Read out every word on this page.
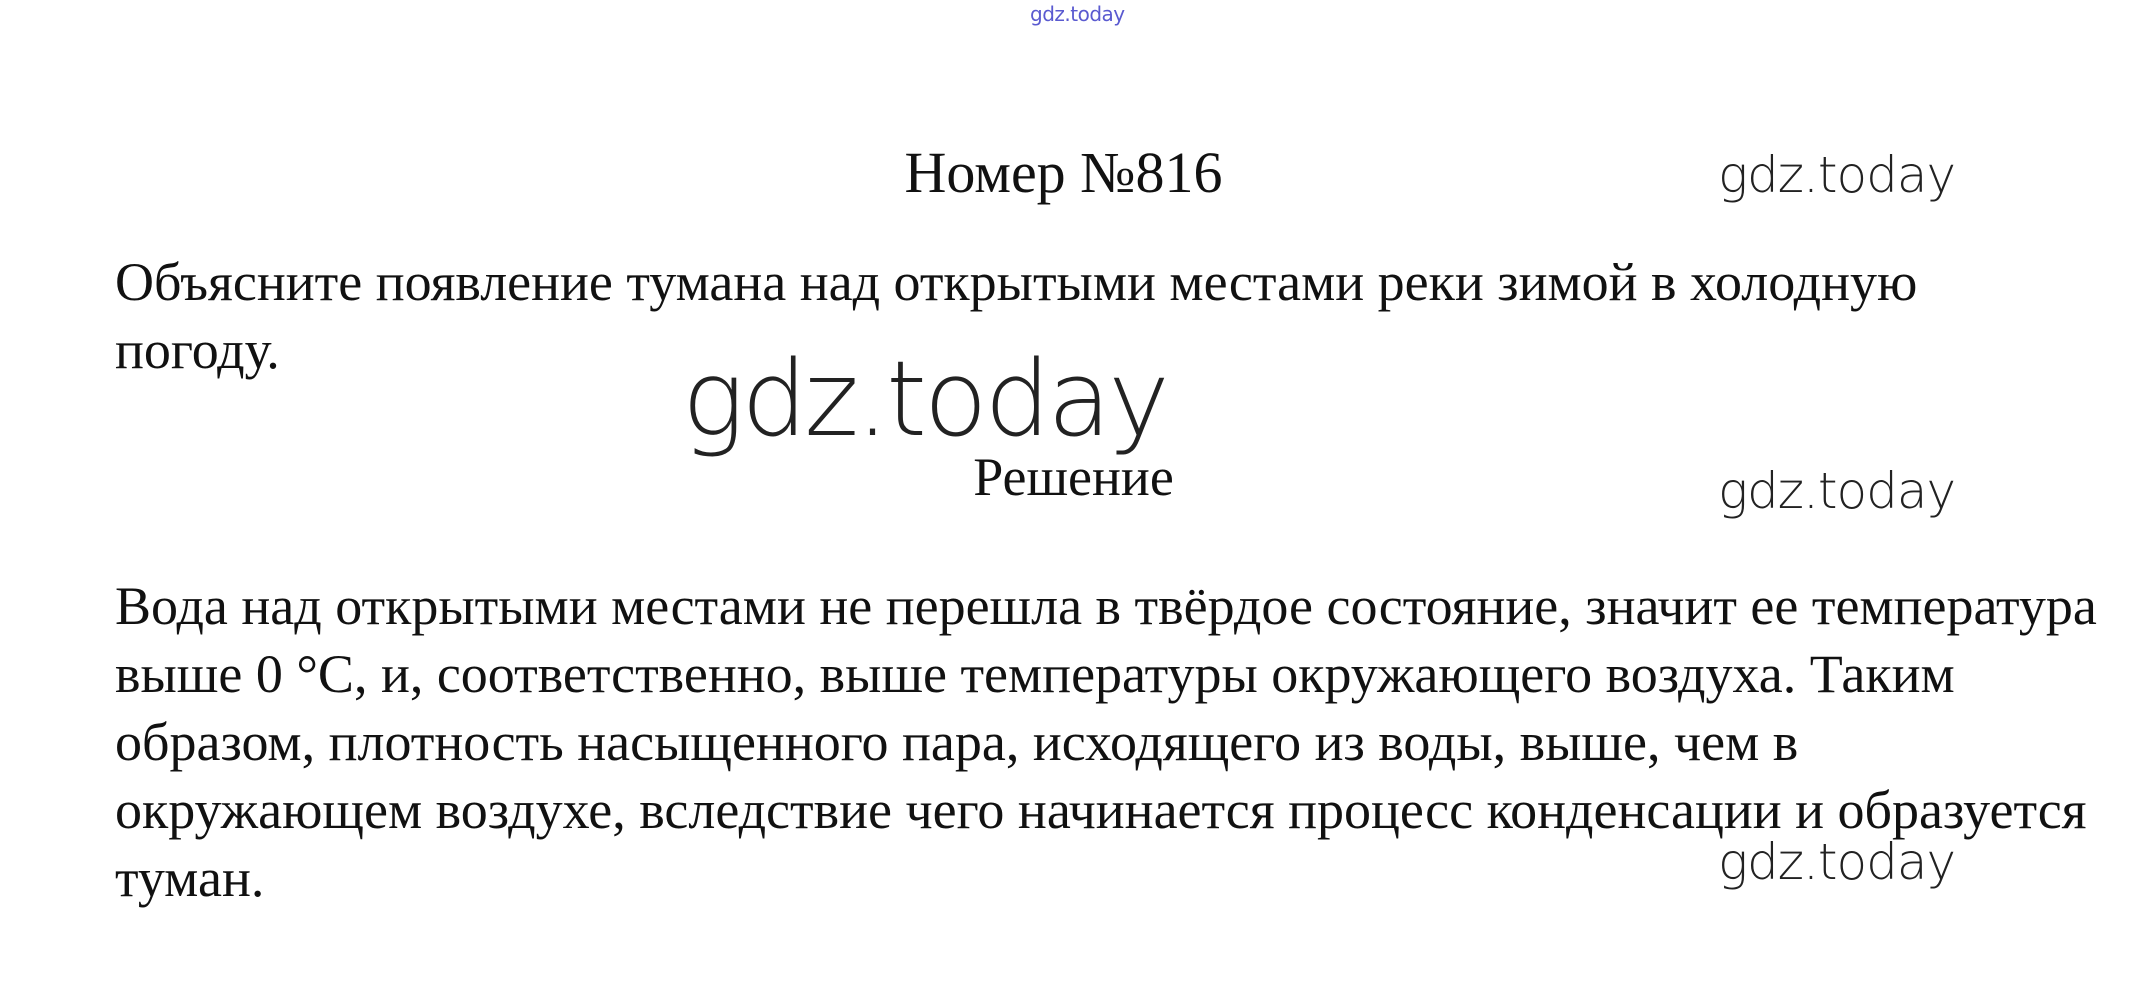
gdz.today
Номер №816

Объясните появление тумана над открытыми местами реки зимой в холодную погоду.

Решение

Вода над открытыми местами не перешла в твёрдое состояние, значит ее температура выше 0 °С, и, соответственно, выше температуры окружающего воздуха. Таким образом, плотность насыщенного пара, исходящего из воды, выше, чем в окружающем воздухе, вследствие чего начинается процесс конденсации и образуется туман.

gdz.today
gdz.today
gdz.today
gdz.today
